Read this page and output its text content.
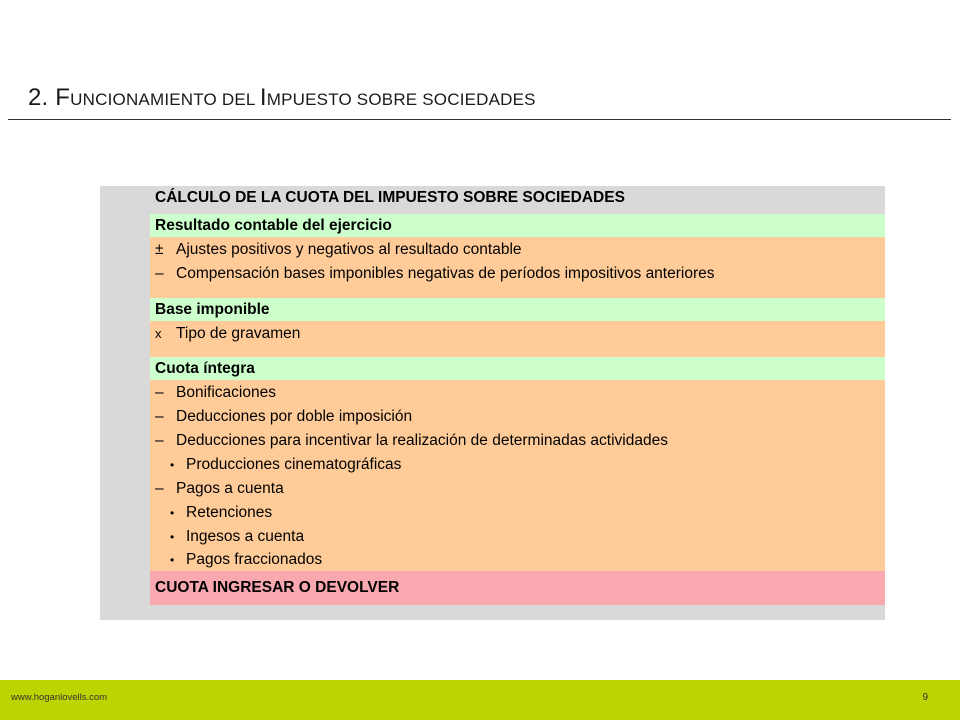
2. FUNCIONAMIENTO DEL IMPUESTO SOBRE SOCIEDADES
CÁLCULO DE LA CUOTA DEL IMPUESTO SOBRE SOCIEDADES
Resultado contable del ejercicio
± Ajustes positivos y negativos al resultado contable
– Compensación bases imponibles negativas de períodos impositivos anteriores
Base imponible
x Tipo de gravamen
Cuota íntegra
– Bonificaciones
– Deducciones por doble imposición
– Deducciones para incentivar la realización de determinadas actividades
• Producciones cinematográficas
– Pagos a cuenta
• Retenciones
• Ingesos a cuenta
• Pagos fraccionados
CUOTA INGRESAR O DEVOLVER
www.hoganlovells.com	9
